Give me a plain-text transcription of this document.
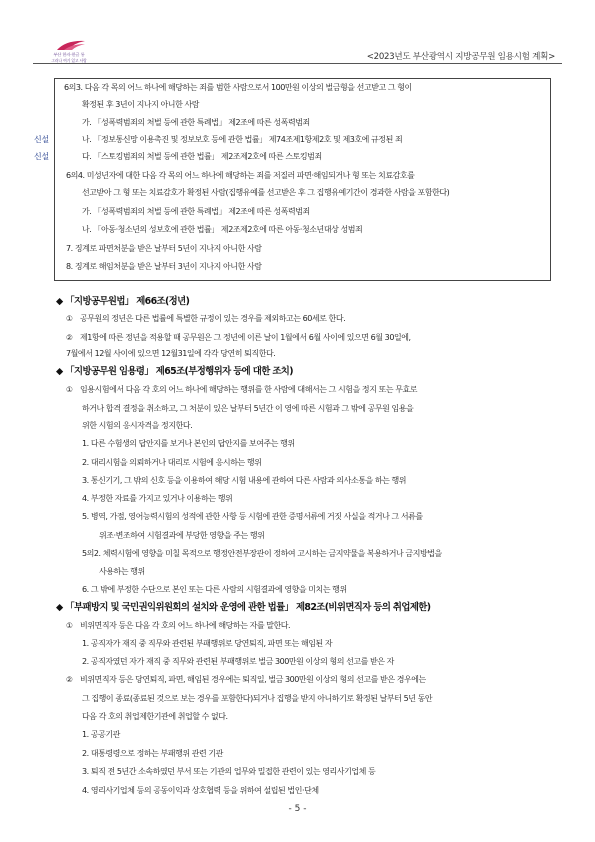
부산 한자·한글 통
그러나 여기 있고 사랑	<2023년도 부산광역시 지방공무원 임용시험 계획>
6의3. 다음 각 목의 어느 하나에 해당하는 죄를 범한 사람으로서 100만원 이상의 벌금형을 선고받고 그 형이
확정된 후 3년이 지나지 아니한 사람
가. 「성폭력범죄의 처벌 등에 관한 특례법」 제2조에 따른 성폭력범죄
신설	나. 「정보통신망 이용촉진 및 정보보호 등에 관한 법률」 제74조제1항제2호 및 제3호에 규정된 죄
신설	다. 「스토킹범죄의 처벌 등에 관한 법률」 제2조제2호에 따른 스토킹범죄
6의4. 미성년자에 대한 다음 각 목의 어느 하나에 해당하는 죄를 저질러 파면·해임되거나 형 또는 치료감호를
선고받아 그 형 또는 치료감호가 확정된 사람(집행유예를 선고받은 후 그 집행유예기간이 경과한 사람을 포함한다)
가. 「성폭력범죄의 처벌 등에 관한 특례법」 제2조에 따른 성폭력범죄
나. 「아동·청소년의 성보호에 관한 법률」 제2조제2호에 따른 아동·청소년대상 성범죄
7. 징계로 파면처분을 받은 날부터 5년이 지나지 아니한 사람
8. 징계로 해임처분을 받은 날부터 3년이 지나지 아니한 사람
◆ 「지방공무원법」 제66조(정년)
① 공무원의 정년은 다른 법률에 특별한 규정이 있는 경우를 제외하고는 60세로 한다.
② 제1항에 따른 정년을 적용할 때 공무원은 그 정년에 이른 날이 1월에서 6월 사이에 있으면 6월 30일에,
7월에서 12월 사이에 있으면 12월31일에 각각 당연히 퇴직한다.
◆ 「지방공무원 임용령」 제65조(부정행위자 등에 대한 조치)
① 임용시험에서 다음 각 호의 어느 하나에 해당하는 행위를 한 사람에 대해서는 그 시험을 정지 또는 무효로
하거나 합격 결정을 취소하고, 그 처분이 있은 날부터 5년간 이 영에 따른 시험과 그 밖에 공무원 임용을
위한 시험의 응시자격을 정지한다.
1. 다른 수험생의 답안지를 보거나 본인의 답안지를 보여주는 행위
2. 대리시험을 의뢰하거나 대리로 시험에 응시하는 행위
3. 통신기기, 그 밖의 신호 등을 이용하여 해당 시험 내용에 관하여 다른 사람과 의사소통을 하는 행위
4. 부정한 자료를 가지고 있거나 이용하는 행위
5. 병역, 가점, 영어능력시험의 성적에 관한 사항 등 시험에 관한 증명서류에 거짓 사실을 적거나 그 서류를
위조·변조하여 시험결과에 부당한 영향을 주는 행위
5의2. 체력시험에 영향을 미칠 목적으로 행정안전부장관이 정하여 고시하는 금지약물을 복용하거나 금지방법을
사용하는 행위
6. 그 밖에 부정한 수단으로 본인 또는 다른 사람의 시험결과에 영향을 미치는 행위
◆ 「부패방지 및 국민권익위원회의 설치와 운영에 관한 법률」 제82조(비위면직자 등의 취업제한)
① 비위면직자 등은 다음 각 호의 어느 하나에 해당하는 자를 말한다.
1. 공직자가 재직 중 직무와 관련된 부패행위로 당연퇴직, 파면 또는 해임된 자
2. 공직자였던 자가 재직 중 직무와 관련된 부패행위로 벌금 300만원 이상의 형의 선고를 받은 자
② 비위면직자 등은 당연퇴직, 파면, 해임된 경우에는 퇴직일, 벌금 300만원 이상의 형의 선고를 받은 경우에는
그 집행이 종료(종료된 것으로 보는 경우를 포함한다)되거나 집행을 받지 아니하기로 확정된 날부터 5년 동안
다음 각 호의 취업제한기관에 취업할 수 없다.
1. 공공기관
2. 대통령령으로 정하는 부패행위 관련 기관
3. 퇴직 전 5년간 소속하였던 부서 또는 기관의 업무와 밀접한 관련이 있는 영리사기업체 등
4. 영리사기업체 등의 공동이익과 상호협력 등을 위하여 설립된 법인·단체
- 5 -
